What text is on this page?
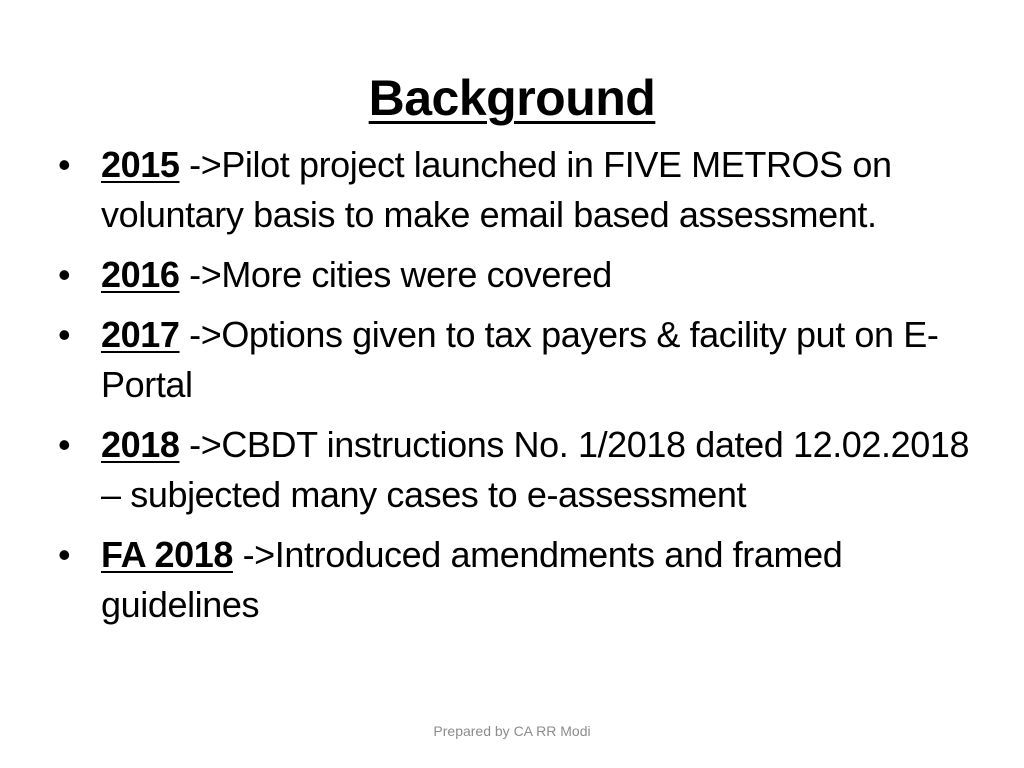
Background
• 2015 ->Pilot project launched in FIVE METROS on voluntary basis to make email based assessment.
• 2016 ->More cities were covered
• 2017 ->Options given to tax payers & facility put on E-Portal
• 2018 ->CBDT instructions No. 1/2018 dated 12.02.2018 – subjected many cases to e-assessment
• FA 2018 ->Introduced amendments and framed guidelines
Prepared by CA RR Modi
